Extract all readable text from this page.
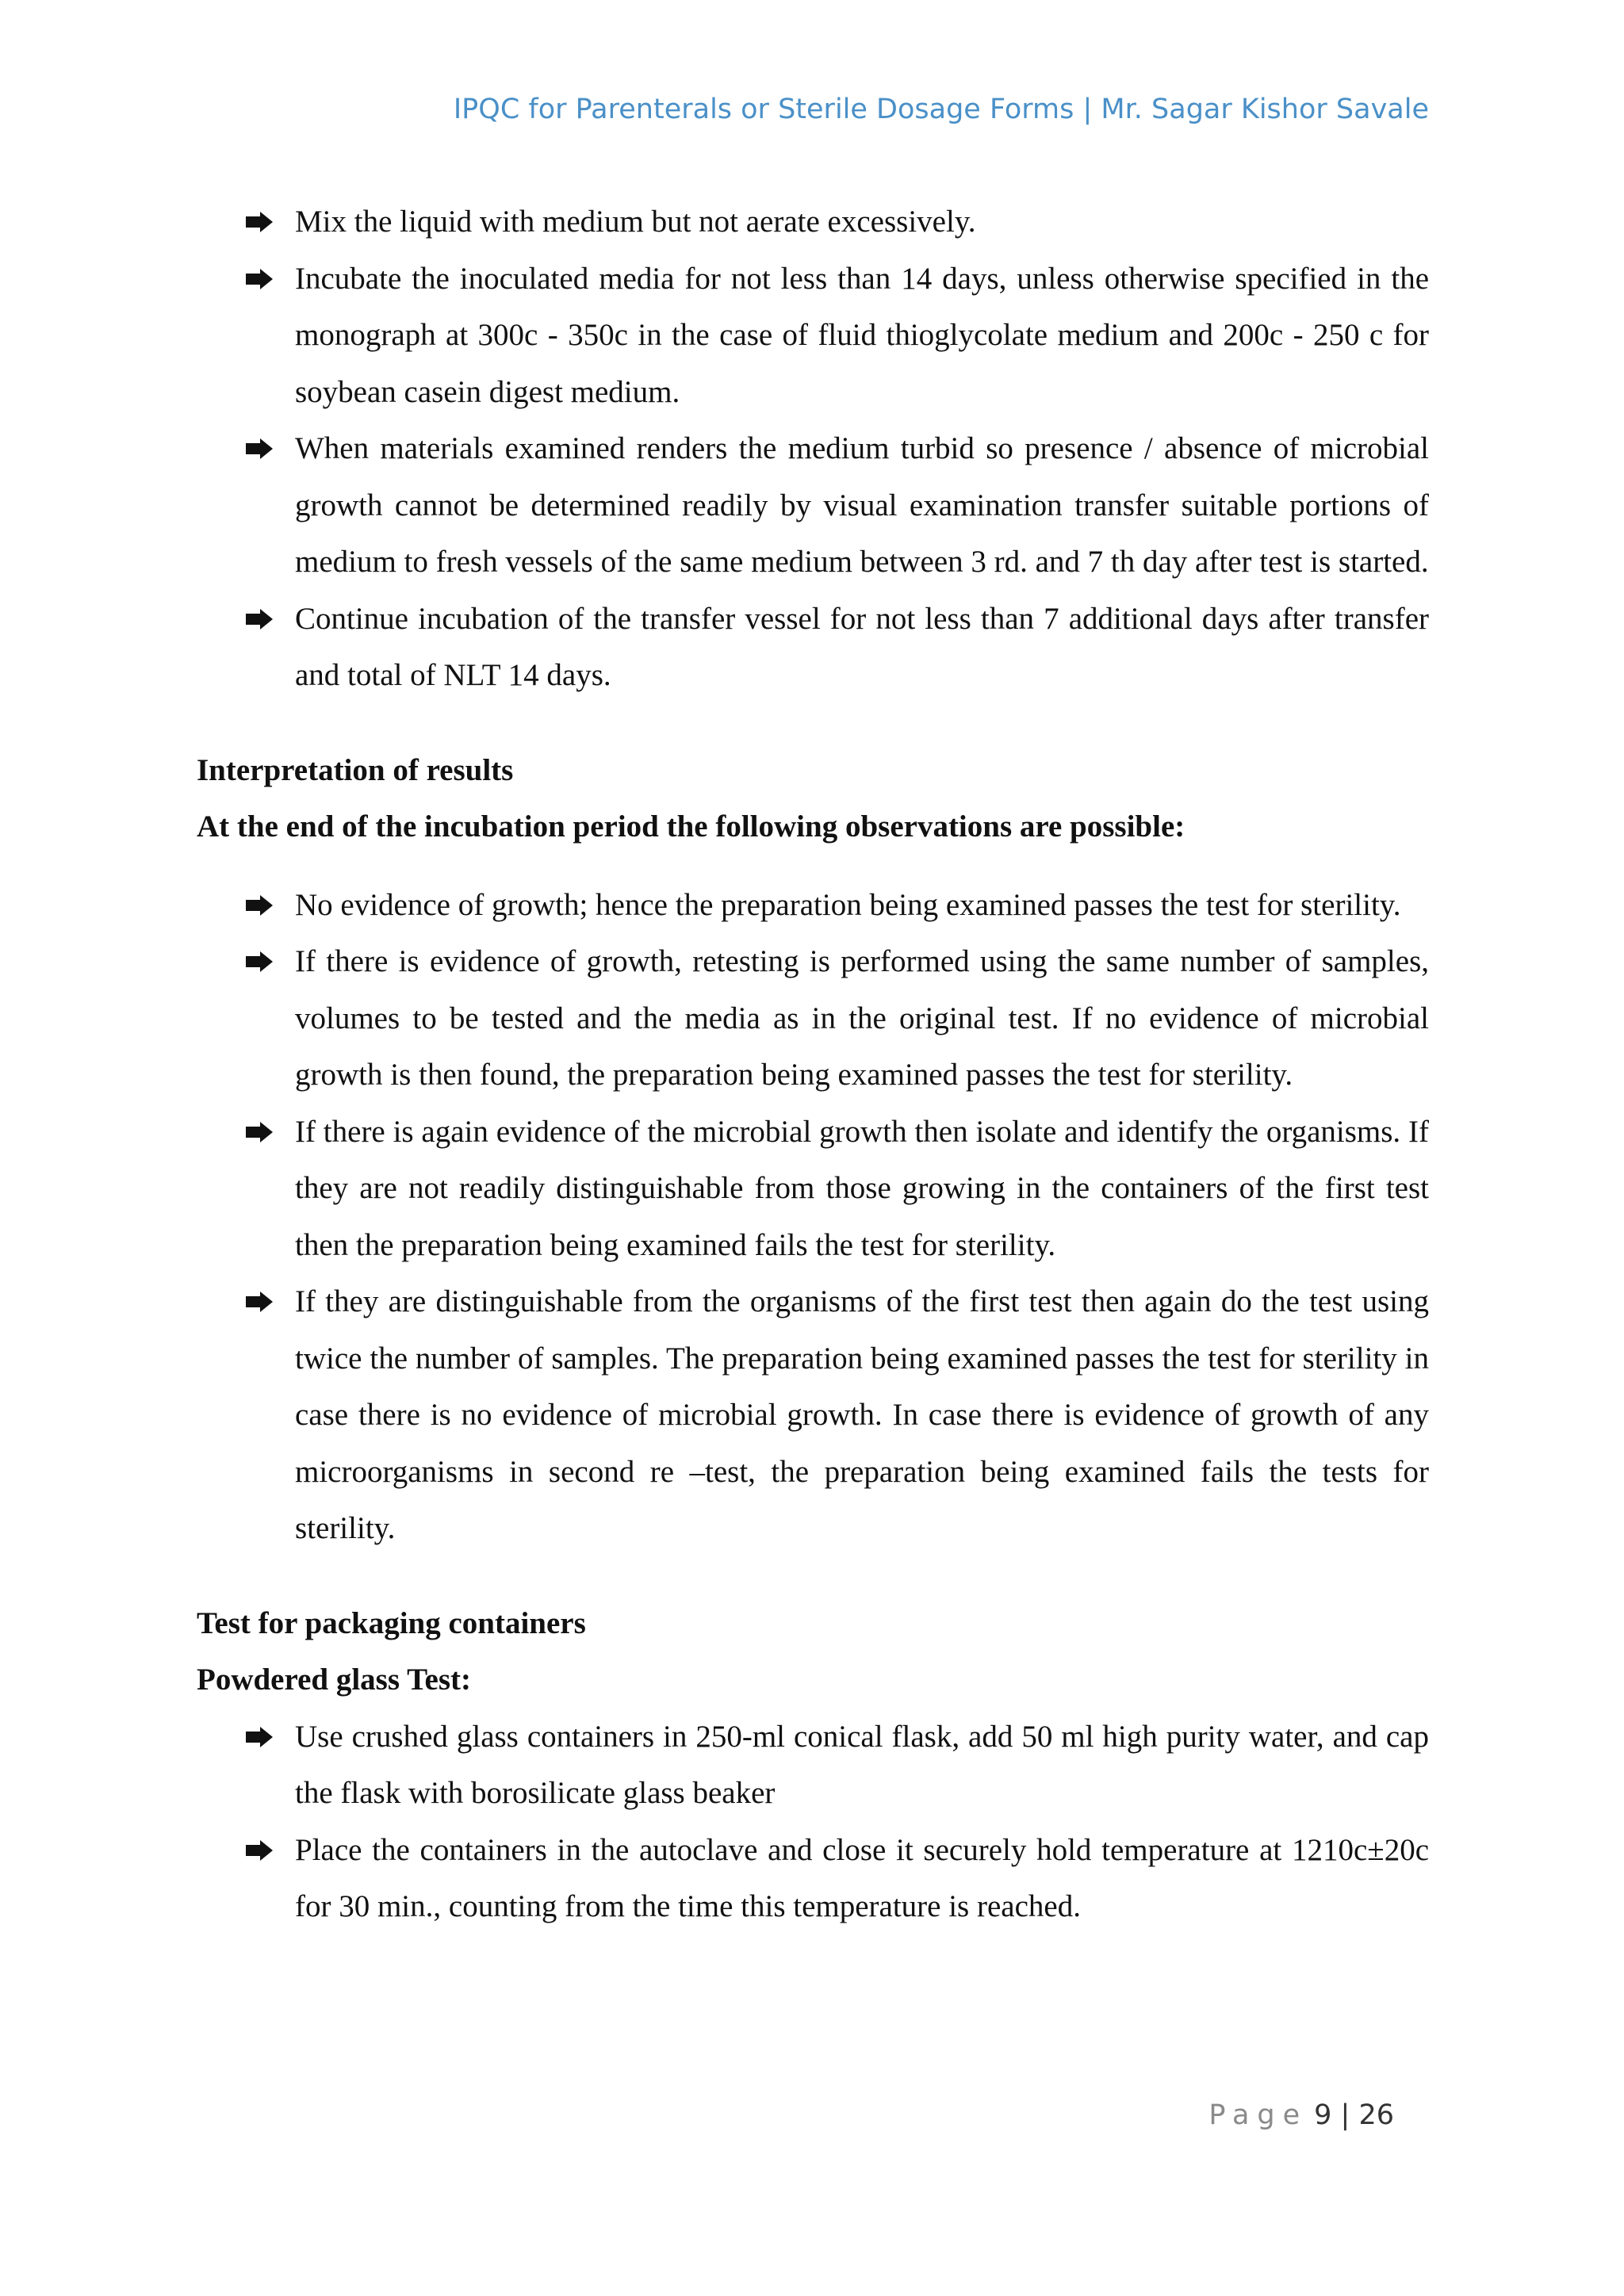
IPQC for Parenterals or Sterile Dosage Forms | Mr. Sagar Kishor Savale
Mix the liquid with medium but not aerate excessively.
Incubate the inoculated media for not less than 14 days, unless otherwise specified in the monograph at 300c - 350c in the case of fluid thioglycolate medium and 200c - 250 c for soybean casein digest medium.
When materials examined renders the medium turbid so presence / absence of microbial growth cannot be determined readily by visual examination transfer suitable portions of medium to fresh vessels of the same medium between 3 rd. and 7 th day after test is started.
Continue incubation of the transfer vessel for not less than 7 additional days after transfer and total of NLT 14 days.

Interpretation of results

At the end of the incubation period the following observations are possible:

No evidence of growth; hence the preparation being examined passes the test for sterility.
If there is evidence of growth, retesting is performed using the same number of samples, volumes to be tested and the media as in the original test. If no evidence of microbial growth is then found, the preparation being examined passes the test for sterility.
If there is again evidence of the microbial growth then isolate and identify the organisms. If they are not readily distinguishable from those growing in the containers of the first test then the preparation being examined fails the test for sterility.
If they are distinguishable from the organisms of the first test then again do the test using twice the number of samples. The preparation being examined passes the test for sterility in case there is no evidence of microbial growth. In case there is evidence of growth of any microorganisms in second re –test, the preparation being examined fails the tests for sterility.

Test for packaging containers

Powdered glass Test:

Use crushed glass containers in 250-ml conical flask, add 50 ml high purity water, and cap the flask with borosilicate glass beaker
Place the containers in the autoclave and close it securely hold temperature at 1210c±20c for 30 min., counting from the time this temperature is reached.
Page 9 | 26
